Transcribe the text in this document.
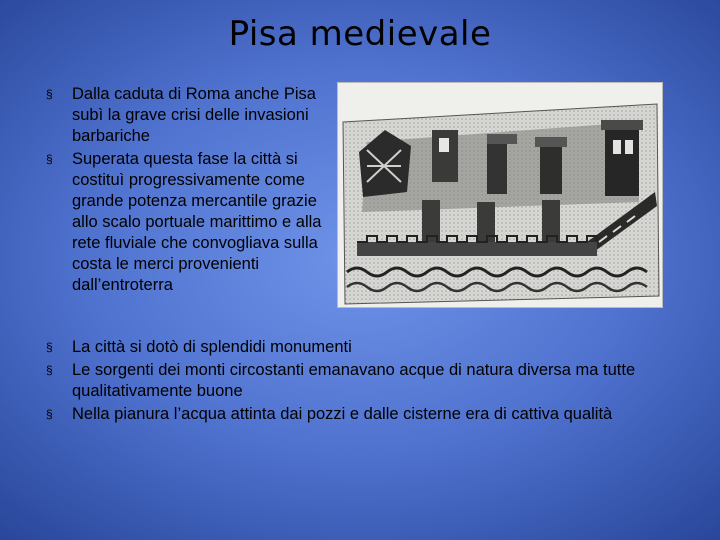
Pisa medievale
§ Dalla caduta di Roma anche Pisa subì la grave crisi delle invasioni barbariche
§ Superata questa fase la città si costituì progressivamente come grande potenza mercantile grazie allo scalo portuale marittimo e alla rete fluviale che convogliava sulla costa le merci provenienti dall’entroterra
§ La città si dotò di splendidi monumenti
§ Le sorgenti dei monti circostanti emanavano acque di natura diversa ma tutte qualitativamente buone
§ Nella pianura l’acqua attinta dai pozzi e dalle cisterne era di cattiva qualità
